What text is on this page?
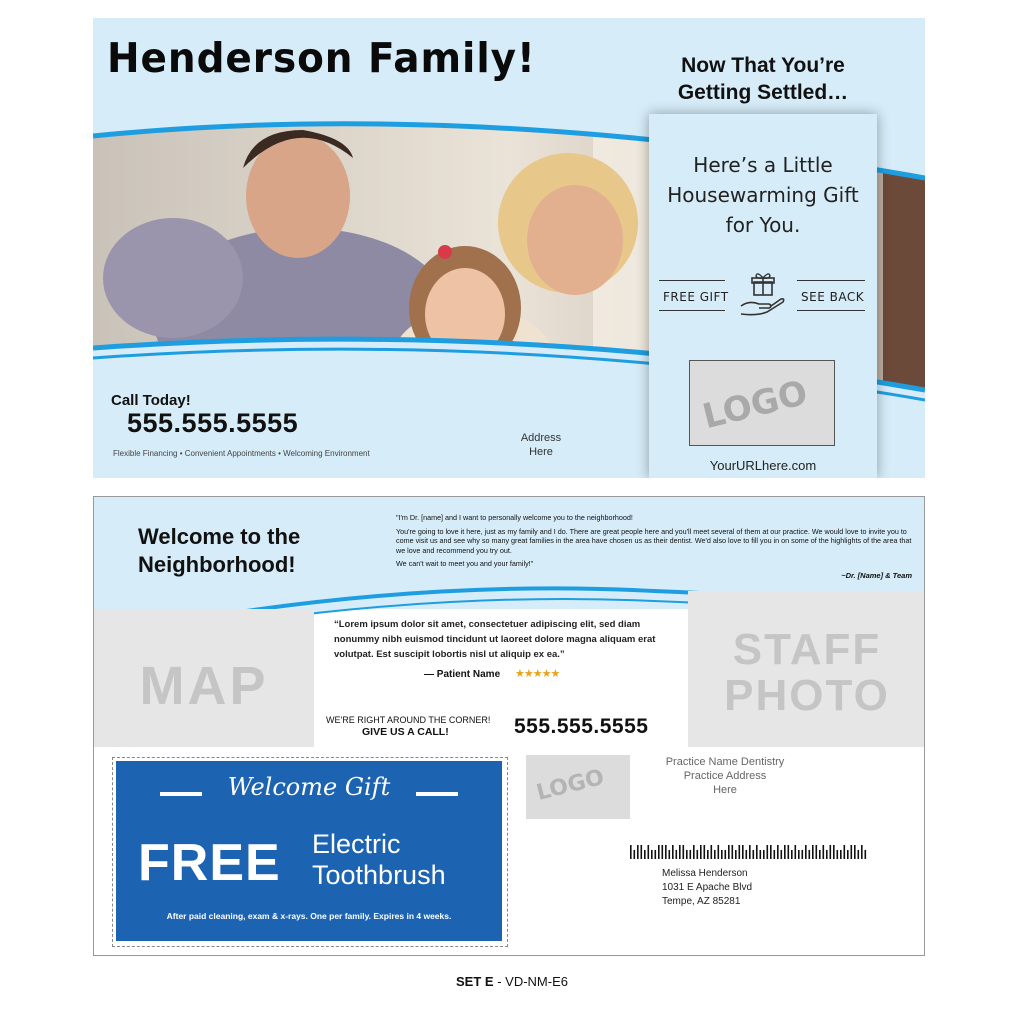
Henderson Family!	Now That You’re
Getting Settled…
Here’s a Little
Housewarming Gift
for You.
FREE GIFT	SEE BACK
LOGO
YourURLhere.com
Call Today!
555.555.5555
Flexible Financing • Convenient Appointments • Welcoming Environment
Address
Here
Welcome to the
Neighborhood!

"I'm Dr. [name] and I want to personally welcome you to the neighborhood!

You're going to love it here, just as my family and I do. There are great people here and you'll meet several of them at our practice. We would love to invite you to come visit us and see why so many great families in the area have chosen us as their dentist. We'd also love to fill you in on some of the highlights of the area that we love and recommend you try out.

We can't wait to meet you and your family!"

~Dr. [Name] & Team
MAP
STAFF
PHOTO
“Lorem ipsum dolor sit amet, consectetuer adipiscing elit, sed diam nonummy nibh euismod tincidunt ut laoreet dolore magna aliquam erat volutpat. Est suscipit lobortis nisl ut aliquip ex ea.”
— Patient Name ★★★★★
WE'RE RIGHT AROUND THE CORNER!
GIVE US A CALL!	555.555.5555
Welcome Gift
FREE Electric
Toothbrush
After paid cleaning, exam & x-rays. One per family. Expires in 4 weeks.
LOGO
Practice Name Dentistry
Practice Address
Here
Melissa Henderson
1031 E Apache Blvd
Tempe, AZ 85281
SET E - VD-NM-E6
